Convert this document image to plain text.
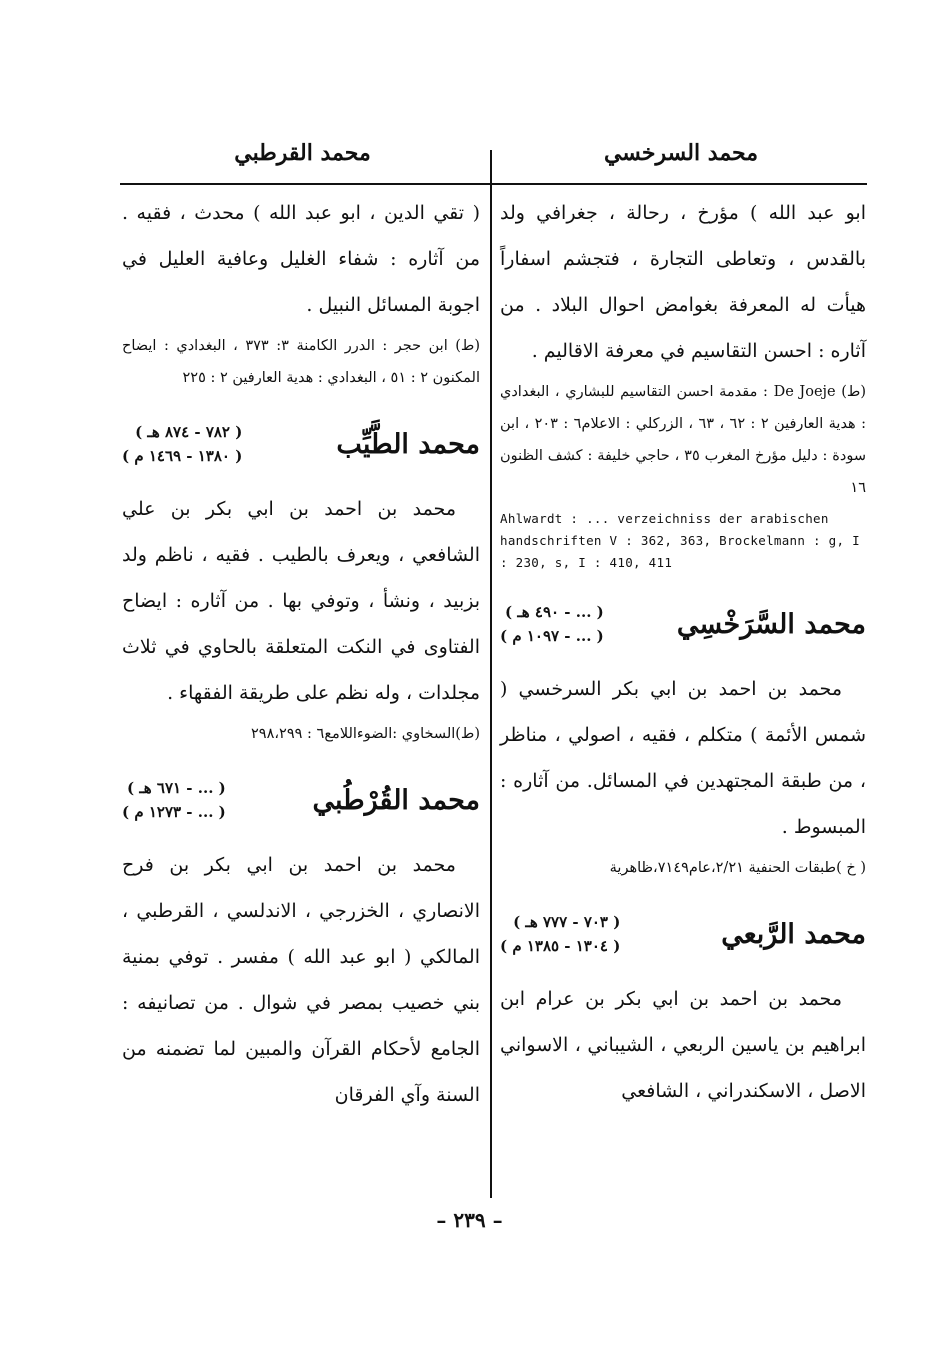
محمد السرخسي
محمد القرطبي

ابو عبد الله ) مؤرخ ، رحالة ، جغرافي ولد بالقدس ، وتعاطى التجارة ، فتجشم اسفاراً هيأت له المعرفة بغوامض احوال البلاد . من آثاره : احسن التقاسيم في معرفة الاقاليم .

(ط) De Joeje : مقدمة احسن التقاسيم للبشاري ، البغدادي : هدية العارفين ٢ : ٦٢ ، ٦٣ ، الزركلي : الاعلام٦ : ٢٠٣ ، ابن سودة : دليل مؤرخ المغرب ٣٥ ، حاجي خليفة : كشف الظنون ١٦

Ahlwardt : ... verzeichniss der arabischen handschriften V : 362, 363, Brockelmann : g, I : 230, s, I : 410, 411

محمد السَّرَخْسِي
( ... - ٤٩٠ هـ )
( ... - ١٠٩٧ م )

محمد بن احمد بن ابي بكر السرخسي ( شمس الأئمة ) متكلم ، فقيه ، اصولي ، مناظر ، من طبقة المجتهدين في المسائل. من آثاره : المبسوط .

( خ )طبقات الحنفية ٢/٢١،عام٧١٤٩،ظاهرية

محمد الرَّبعي
( ٧٠٣ - ٧٧٧ هـ )
( ١٣٠٤ - ١٣٨٥ م )

محمد بن احمد بن ابي بكر بن عرام ابن ابراهيم بن ياسين الربعي ، الشيباني ، الاسواني الاصل ، الاسكندراني ، الشافعي

( تقي الدين ، ابو عبد الله ) محدث ، فقيه . من آثاره : شفاء الغليل وعافية العليل في اجوبة المسائل النبيل .

(ط) ابن حجر : الدرر الكامنة ٣: ٣٧٣ ، البغدادي : ايضاح المكنون ٢ : ٥١ ، البغدادي : هدية العارفين ٢ : ٢٢٥

محمد الطَّيِّب
( ٧٨٢ - ٨٧٤ هـ )
( ١٣٨٠ - ١٤٦٩ م )

محمد بن احمد بن ابي بكر بن علي الشافعي ، ويعرف بالطيب . فقيه ، ناظم ولد بزبيد ، ونشأ ، وتوفي بها . من آثاره : ايضاح الفتاوى في النكت المتعلقة بالحاوي في ثلاث مجلدات ، وله نظم على طريقة الفقهاء .

(ط)السخاوي :الضوءاللامع٦ : ٢٩٨،٢٩٩

محمد القُرْطُبي
( ... - ٦٧١ هـ )
( ... - ١٢٧٣ م )

محمد بن احمد بن ابي بكر بن فرح الانصاري ، الخزرجي ، الاندلسي ، القرطبي ، المالكي ( ابو عبد الله ) مفسر . توفي بمنية بني خصيب بمصر في شوال . من تصانيفه : الجامع لأحكام القرآن والمبين لما تضمنه من السنة وآي الفرقان

– ٢٣٩ –
